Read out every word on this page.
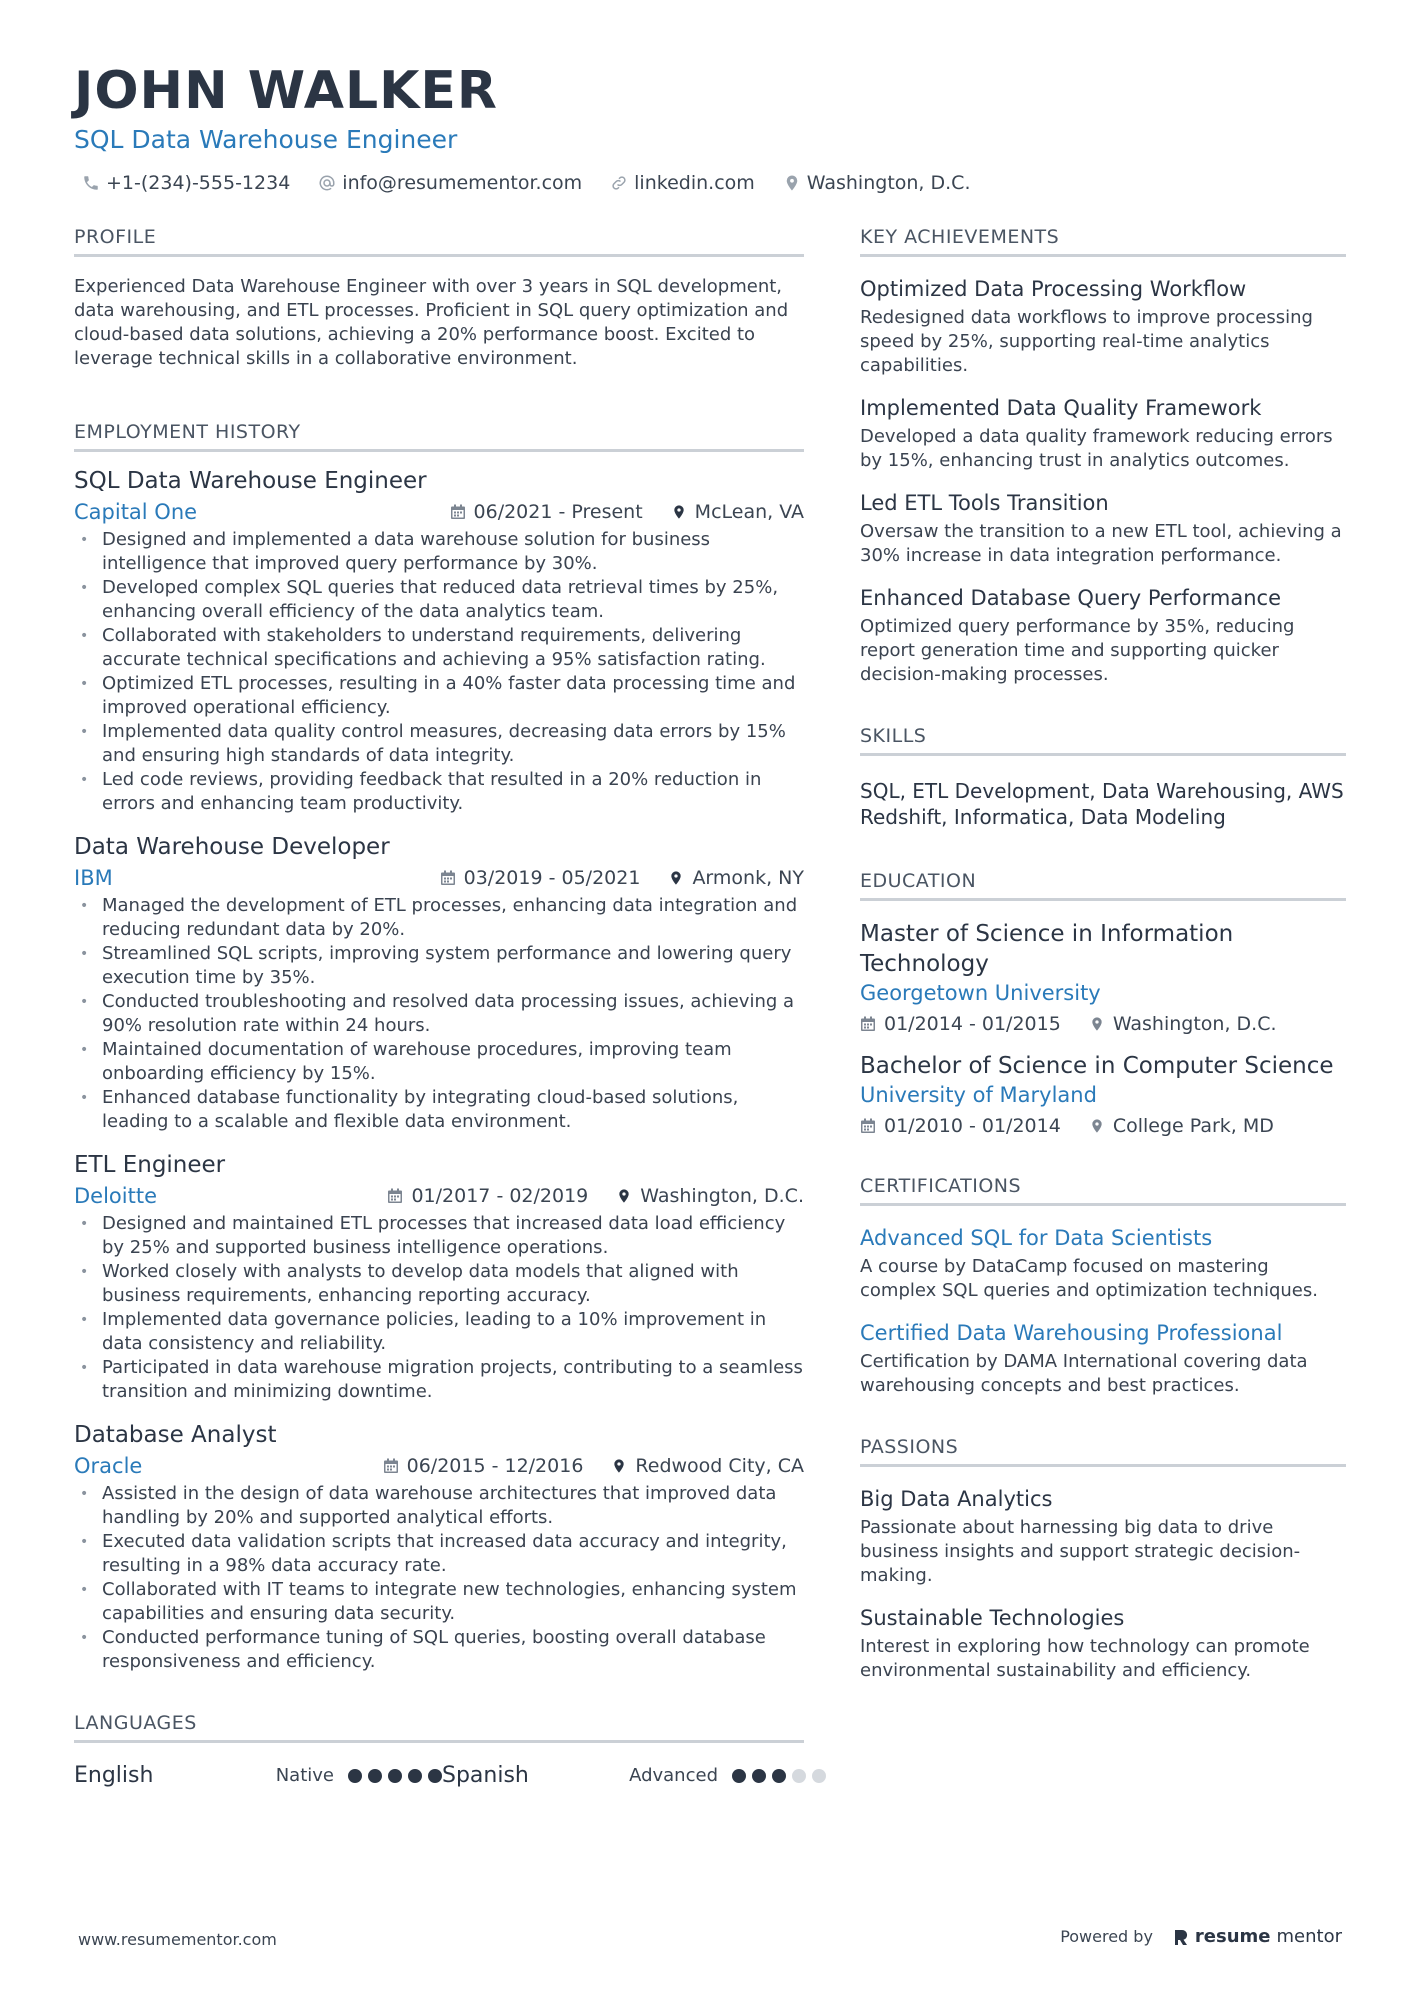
JOHN WALKER
SQL Data Warehouse Engineer
+1-(234)-555-1234	info@resumementor.com	linkedin.com	Washington, D.C.
PROFILE
Experienced Data Warehouse Engineer with over 3 years in SQL development, data warehousing, and ETL processes. Proficient in SQL query optimization and cloud-based data solutions, achieving a 20% performance boost. Excited to leverage technical skills in a collaborative environment.
EMPLOYMENT HISTORY
SQL Data Warehouse Engineer
Capital One	06/2021 - Present	McLean, VA
• Designed and implemented a data warehouse solution for business intelligence that improved query performance by 30%.
• Developed complex SQL queries that reduced data retrieval times by 25%, enhancing overall efficiency of the data analytics team.
• Collaborated with stakeholders to understand requirements, delivering accurate technical specifications and achieving a 95% satisfaction rating.
• Optimized ETL processes, resulting in a 40% faster data processing time and improved operational efficiency.
• Implemented data quality control measures, decreasing data errors by 15% and ensuring high standards of data integrity.
• Led code reviews, providing feedback that resulted in a 20% reduction in errors and enhancing team productivity.
Data Warehouse Developer
IBM	03/2019 - 05/2021	Armonk, NY
• Managed the development of ETL processes, enhancing data integration and reducing redundant data by 20%.
• Streamlined SQL scripts, improving system performance and lowering query execution time by 35%.
• Conducted troubleshooting and resolved data processing issues, achieving a 90% resolution rate within 24 hours.
• Maintained documentation of warehouse procedures, improving team onboarding efficiency by 15%.
• Enhanced database functionality by integrating cloud-based solutions, leading to a scalable and flexible data environment.
ETL Engineer
Deloitte	01/2017 - 02/2019	Washington, D.C.
• Designed and maintained ETL processes that increased data load efficiency by 25% and supported business intelligence operations.
• Worked closely with analysts to develop data models that aligned with business requirements, enhancing reporting accuracy.
• Implemented data governance policies, leading to a 10% improvement in data consistency and reliability.
• Participated in data warehouse migration projects, contributing to a seamless transition and minimizing downtime.
Database Analyst
Oracle	06/2015 - 12/2016	Redwood City, CA
• Assisted in the design of data warehouse architectures that improved data handling by 20% and supported analytical efforts.
• Executed data validation scripts that increased data accuracy and integrity, resulting in a 98% data accuracy rate.
• Collaborated with IT teams to integrate new technologies, enhancing system capabilities and ensuring data security.
• Conducted performance tuning of SQL queries, boosting overall database responsiveness and efficiency.
LANGUAGES
English	Native	Spanish	Advanced
KEY ACHIEVEMENTS
Optimized Data Processing Workflow
Redesigned data workflows to improve processing speed by 25%, supporting real-time analytics capabilities.
Implemented Data Quality Framework
Developed a data quality framework reducing errors by 15%, enhancing trust in analytics outcomes.
Led ETL Tools Transition
Oversaw the transition to a new ETL tool, achieving a 30% increase in data integration performance.
Enhanced Database Query Performance
Optimized query performance by 35%, reducing report generation time and supporting quicker decision-making processes.
SKILLS
SQL, ETL Development, Data Warehousing, AWS Redshift, Informatica, Data Modeling
EDUCATION
Master of Science in Information Technology
Georgetown University
01/2014 - 01/2015	Washington, D.C.
Bachelor of Science in Computer Science
University of Maryland
01/2010 - 01/2014	College Park, MD
CERTIFICATIONS
Advanced SQL for Data Scientists
A course by DataCamp focused on mastering complex SQL queries and optimization techniques.
Certified Data Warehousing Professional
Certification by DAMA International covering data warehousing concepts and best practices.
PASSIONS
Big Data Analytics
Passionate about harnessing big data to drive business insights and support strategic decision-making.
Sustainable Technologies
Interest in exploring how technology can promote environmental sustainability and efficiency.
www.resumementor.com	Powered by resume mentor
